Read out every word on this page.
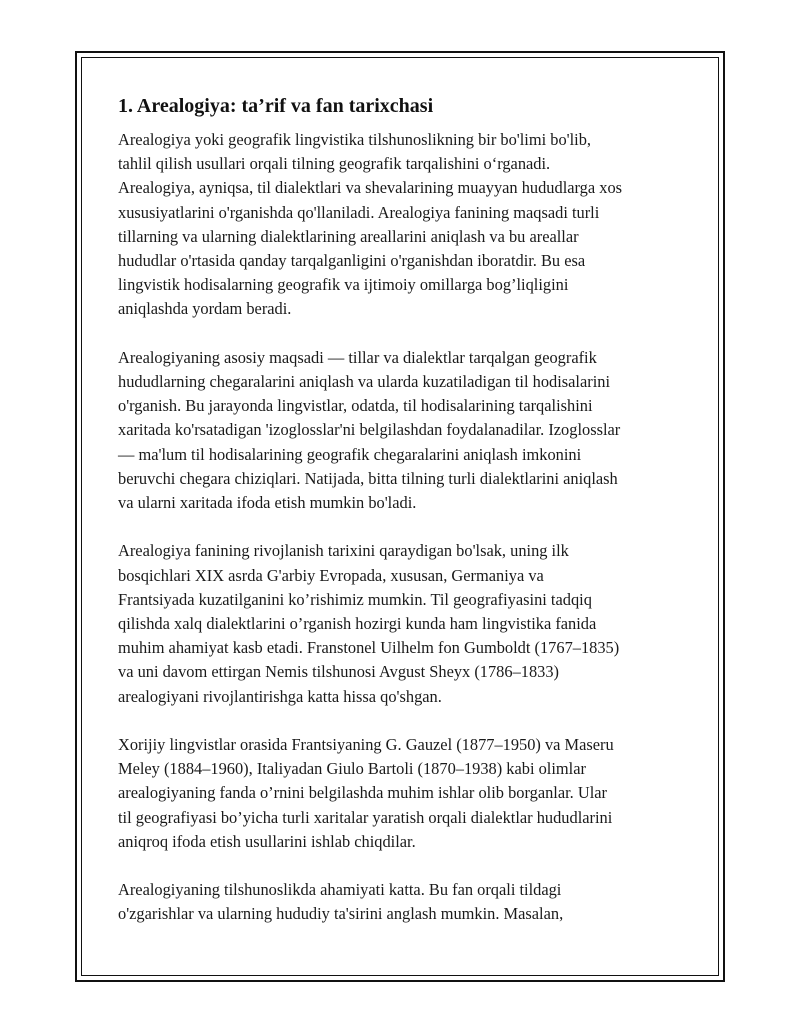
1. Arealogiya: ta’rif va fan tarixchasi

Arealogiya yoki geografik lingvistika tilshunoslikning bir bo'limi bo'lib,
tahlil qilish usullari orqali tilning geografik tarqalishini o‘rganadi.
Arealogiya, ayniqsa, til dialektlari va shevalarining muayyan hududlarga xos
xususiyatlarini o'rganishda qo'llaniladi. Arealogiya fanining maqsadi turli
tillarning va ularning dialektlarining areallarini aniqlash va bu areallar
hududlar o'rtasida qanday tarqalganligini o'rganishdan iboratdir. Bu esa
lingvistik hodisalarning geografik va ijtimoiy omillarga bog’liqligini
aniqlashda yordam beradi.

Arealogiyaning asosiy maqsadi — tillar va dialektlar tarqalgan geografik
hududlarning chegaralarini aniqlash va ularda kuzatiladigan til hodisalarini
o'rganish. Bu jarayonda lingvistlar, odatda, til hodisalarining tarqalishini
xaritada ko'rsatadigan 'izoglosslar'ni belgilashdan foydalanadilar. Izoglosslar
— ma'lum til hodisalarining geografik chegaralarini aniqlash imkonini
beruvchi chegara chiziqlari. Natijada, bitta tilning turli dialektlarini aniqlash
va ularni xaritada ifoda etish mumkin bo'ladi.

Arealogiya fanining rivojlanish tarixini qaraydigan bo'lsak, uning ilk
bosqichlari XIX asrda G'arbiy Evropada, xususan, Germaniya va
Frantsiyada kuzatilganini ko’rishimiz mumkin. Til geografiyasini tadqiq
qilishda xalq dialektlarini o’rganish hozirgi kunda ham lingvistika fanida
muhim ahamiyat kasb etadi. Franstonel Uilhelm fon Gumboldt (1767–1835)
va uni davom ettirgan Nemis tilshunosi Avgust Sheyx (1786–1833)
arealogiyani rivojlantirishga katta hissa qo'shgan.

Xorijiy lingvistlar orasida Frantsiyaning G. Gauzel (1877–1950) va Maseru
Meley (1884–1960), Italiyadan Giulo Bartoli (1870–1938) kabi olimlar
arealogiyaning fanda o’rnini belgilashda muhim ishlar olib borganlar. Ular
til geografiyasi bo’yicha turli xaritalar yaratish orqali dialektlar hududlarini
aniqroq ifoda etish usullarini ishlab chiqdilar.

Arealogiyaning tilshunoslikda ahamiyati katta. Bu fan orqali tildagi
o'zgarishlar va ularning hududiy ta'sirini anglash mumkin. Masalan,
